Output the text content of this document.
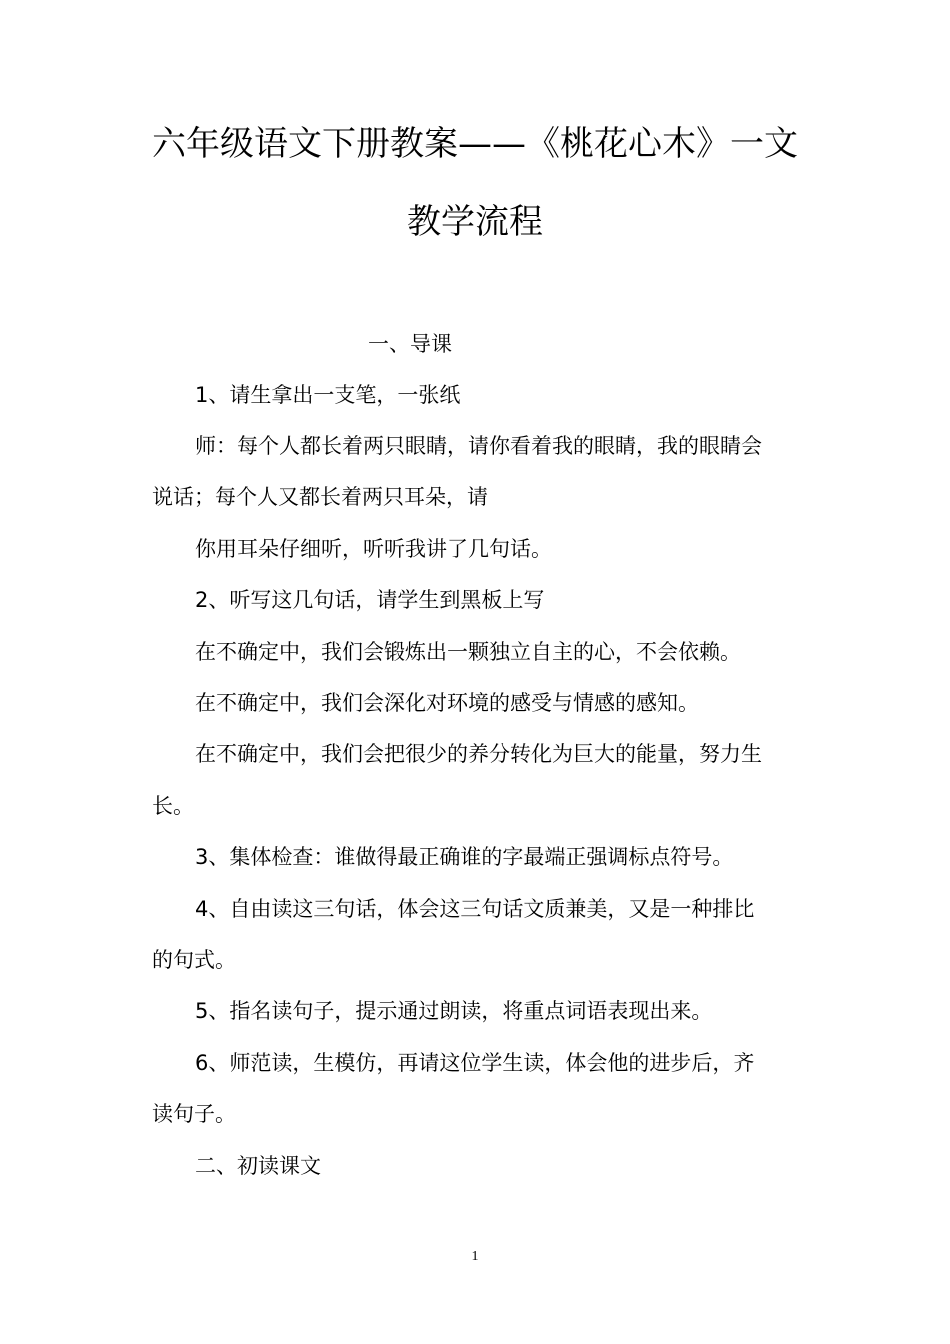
六年级语文下册教案——《桃花心木》一文
教学流程
一、导课
1、请生拿出一支笔，一张纸
师：每个人都长着两只眼睛，请你看着我的眼睛，我的眼睛会
说话；每个人又都长着两只耳朵，请
你用耳朵仔细听，听听我讲了几句话。
2、听写这几句话，请学生到黑板上写
在不确定中，我们会锻炼出一颗独立自主的心，不会依赖。
在不确定中，我们会深化对环境的感受与情感的感知。
在不确定中，我们会把很少的养分转化为巨大的能量，努力生
长。
3、集体检查：谁做得最正确谁的字最端正强调标点符号。
4、自由读这三句话，体会这三句话文质兼美，又是一种排比
的句式。
5、指名读句子，提示通过朗读，将重点词语表现出来。
6、师范读，生模仿，再请这位学生读，体会他的进步后，齐
读句子。
二、初读课文
1
